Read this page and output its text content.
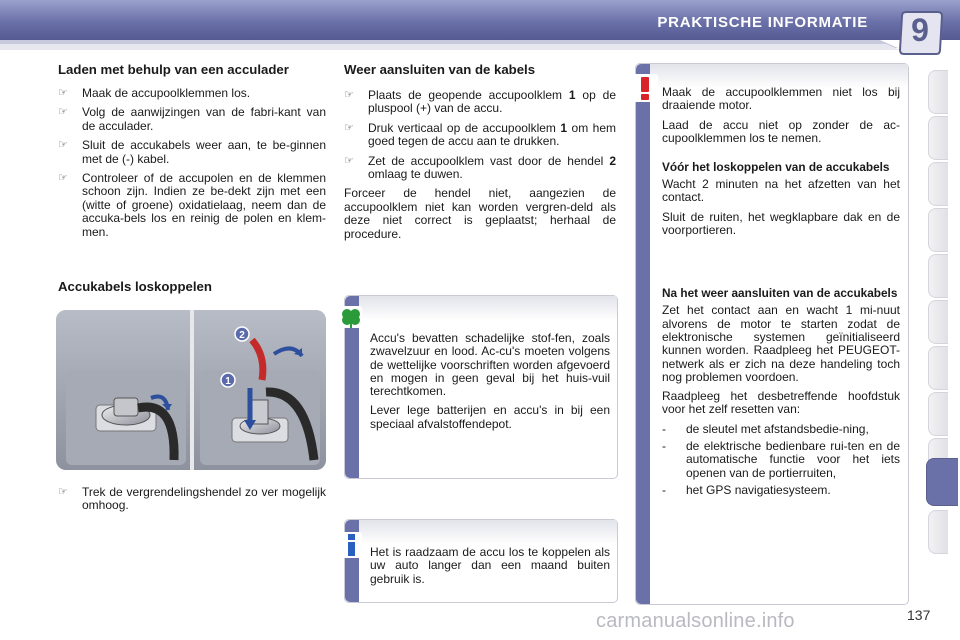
PRAKTISCHE INFORMATIE	9
Laden met behulp van een acculader
☞ Maak de accupoolklemmen los.
☞ Volg de aanwijzingen van de fabri-kant van de acculader.
☞ Sluit de accukabels weer aan, te be-ginnen met de (-) kabel.
☞ Controleer of de accupolen en de klemmen schoon zijn. Indien ze be-dekt zijn met een (witte of groene) oxidatielaag, neem dan de accuka-bels los en reinig de polen en klem-men.
Accukabels loskoppelen
1
2
☞ Trek de vergrendelingshendel zo ver mogelijk omhoog.
Weer aansluiten van de kabels
☞ Plaats de geopende accupoolklem 1 op de pluspool (+) van de accu.
☞ Druk verticaal op de accupoolklem 1 om hem goed tegen de accu aan te drukken.
☞ Zet de accupoolklem vast door de hendel 2 omlaag te duwen.
Forceer de hendel niet, aangezien de accupoolklem niet kan worden vergren-deld als deze niet correct is geplaatst; herhaal de procedure.
Accu's bevatten schadelijke stof-fen, zoals zwavelzuur en lood. Ac-cu's moeten volgens de wettelijke voorschriften worden afgevoerd en mogen in geen geval bij het huis-vuil terechtkomen.
Lever lege batterijen en accu's in bij een speciaal afvalstoffendepot.
Het is raadzaam de accu los te koppelen als uw auto langer dan een maand buiten gebruik is.
Maak de accupoolklemmen niet los bij draaiende motor.
Laad de accu niet op zonder de ac-cupoolklemmen los te nemen.
Vóór het loskoppelen van de accukabels
Wacht 2 minuten na het afzetten van het contact.
Sluit de ruiten, het wegklapbare dak en de voorportieren.
Na het weer aansluiten van de accukabels
Zet het contact aan en wacht 1 mi-nuut alvorens de motor te starten zodat de elektronische systemen geïnitialiseerd kunnen worden. Raadpleeg het PEUGEOT-netwerk als er zich na deze handeling toch nog problemen voordoen.
Raadpleeg het desbetreffende hoofdstuk voor het zelf resetten van:
- de sleutel met afstandsbedie-ning,
- de elektrische bedienbare rui-ten en de automatische functie voor het iets openen van de portierruiten,
- het GPS navigatiesysteem.
137
carmanualsonline.info
